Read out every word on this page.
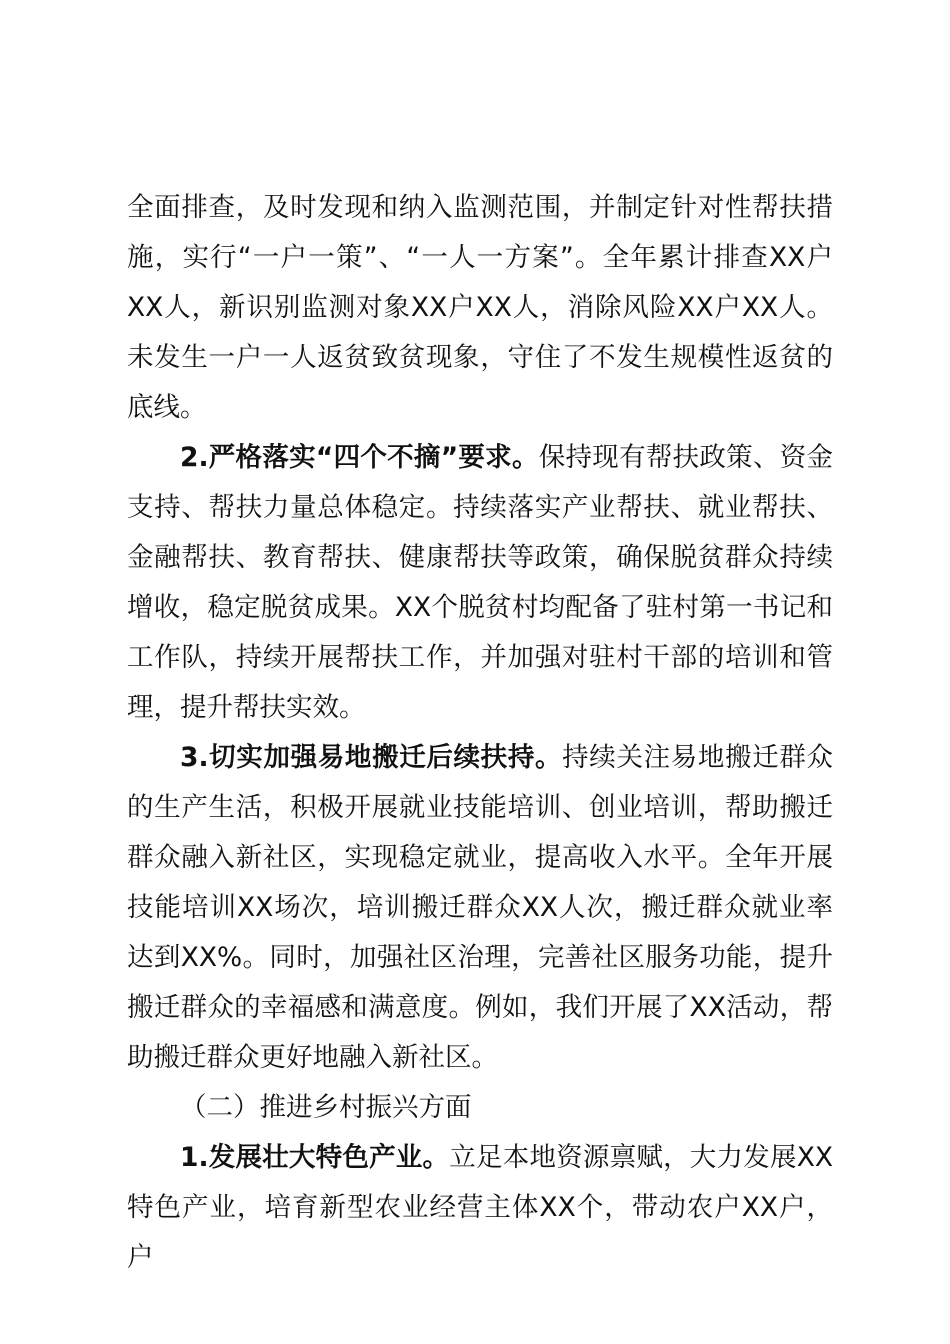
全面排查，及时发现和纳入监测范围，并制定针对性帮扶措施，实行“一户一策”、“一人一方案”。全年累计排查XX户XX人，新识别监测对象XX户XX人，消除风险XX户XX人。未发生一户一人返贫致贫现象，守住了不发生规模性返贫的底线。

2.严格落实“四个不摘”要求。保持现有帮扶政策、资金支持、帮扶力量总体稳定。持续落实产业帮扶、就业帮扶、金融帮扶、教育帮扶、健康帮扶等政策，确保脱贫群众持续增收，稳定脱贫成果。XX个脱贫村均配备了驻村第一书记和工作队，持续开展帮扶工作，并加强对驻村干部的培训和管理，提升帮扶实效。

3.切实加强易地搬迁后续扶持。持续关注易地搬迁群众的生产生活，积极开展就业技能培训、创业培训，帮助搬迁群众融入新社区，实现稳定就业，提高收入水平。全年开展技能培训XX场次，培训搬迁群众XX人次，搬迁群众就业率达到XX%。同时，加强社区治理，完善社区服务功能，提升搬迁群众的幸福感和满意度。例如，我们开展了XX活动，帮助搬迁群众更好地融入新社区。

（二）推进乡村振兴方面

1.发展壮大特色产业。立足本地资源禀赋，大力发展XX特色产业，培育新型农业经营主体XX个，带动农户XX户，户
